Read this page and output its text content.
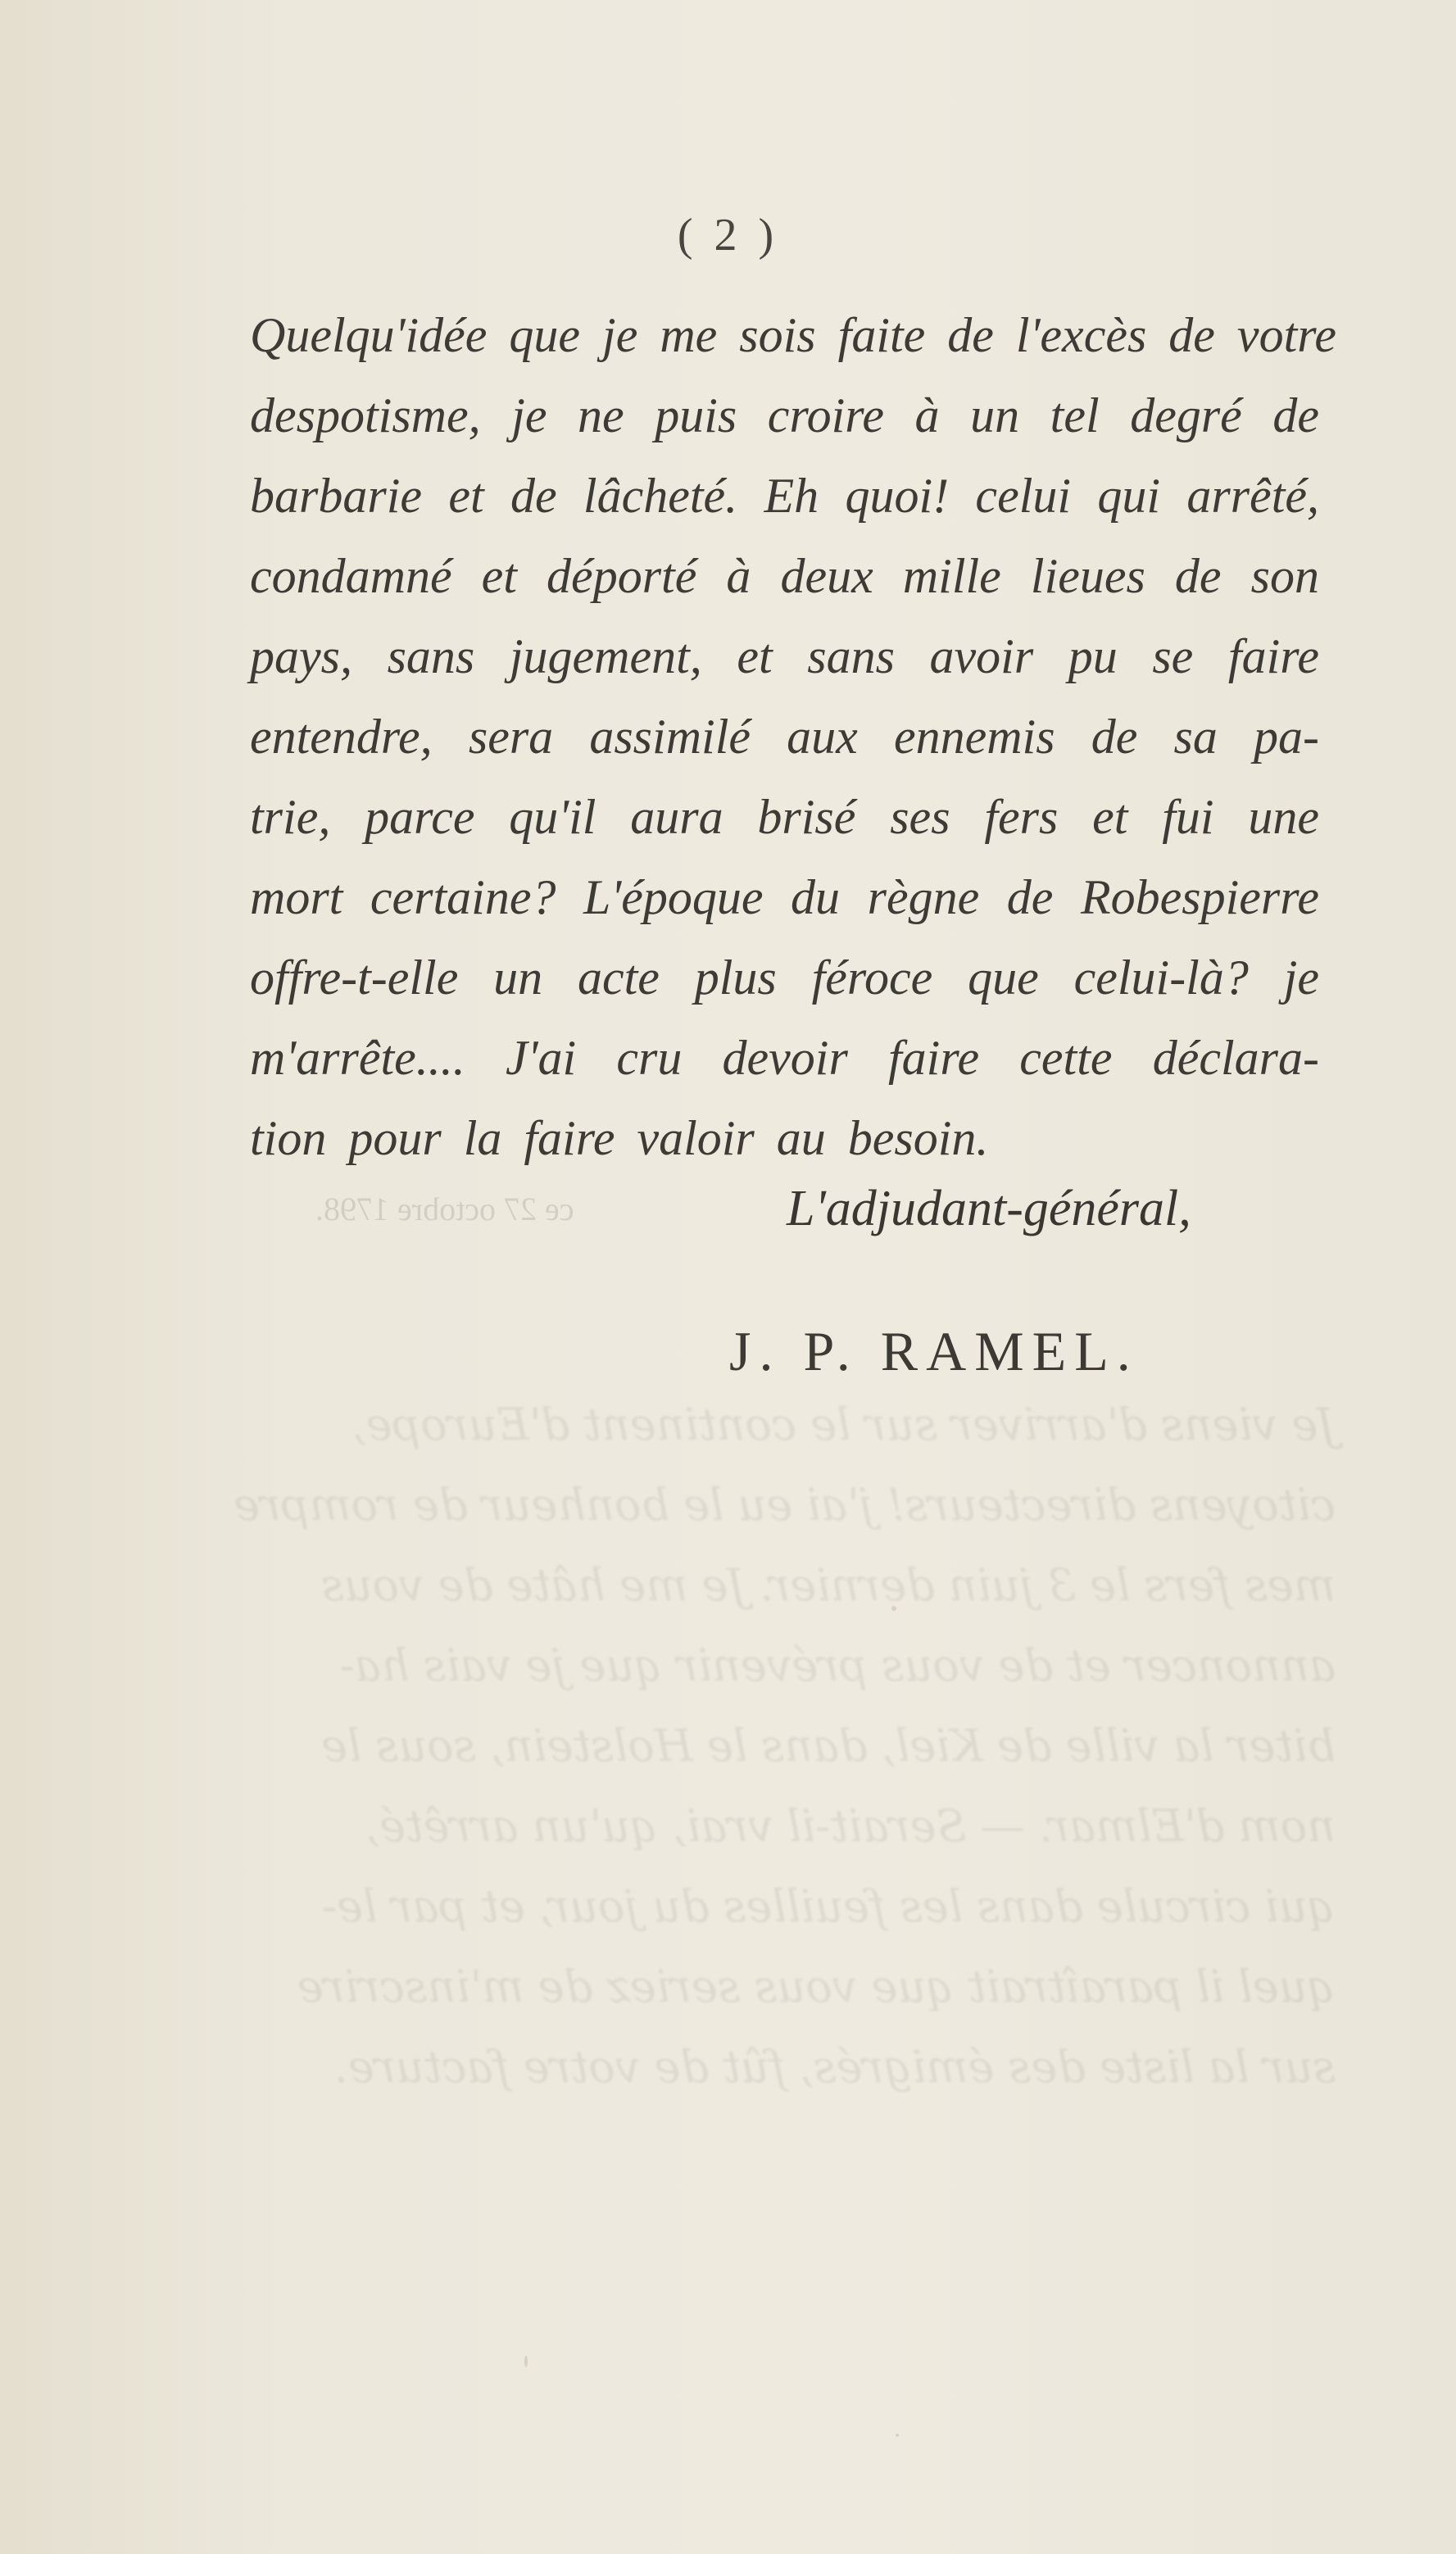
Je viens d'arriver sur le continent d'Europe,
citoyens directeurs! j'ai eu le bonheur de rompre
mes fers le 3 juin dernier. Je me hâte de vous
annoncer et de vous prévenir que je vais ha-
biter la ville de Kiel, dans le Holstein, sous le
nom d'Elmar. — Serait-il vrai, qu'un arrêté,
qui circule dans les feuilles du jour, et par le-
quel il paraîtrait que vous seriez de m'inscrire
sur la liste des émigrés, fût de votre facture.
( 2 )
Quelqu'idée que je me sois faite de l'excès de votre
despotisme, je ne puis croire à un tel degré de
barbarie et de lâcheté. Eh quoi! celui qui arrêté,
condamné et déporté à deux mille lieues de son
pays, sans jugement, et sans avoir pu se faire
entendre, sera assimilé aux ennemis de sa pa-
trie, parce qu'il aura brisé ses fers et fui une
mort certaine? L'époque du règne de Robespierre
offre-t-elle un acte plus féroce que celui-là? je
m'arrête.... J'ai cru devoir faire cette déclara-
tion pour la faire valoir au besoin.
ce 27 octobre 1798.	L'adjudant-général,
J. P. RAMEL.
